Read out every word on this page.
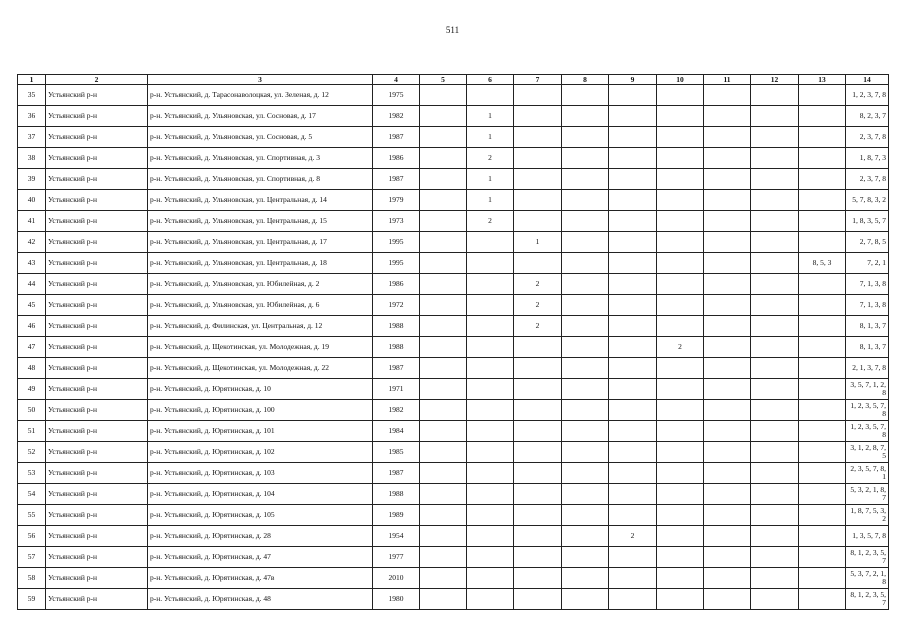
511
1	2	3	4	5	6	7	8	9	10	11	12	13	14
35	Устьянский р-н	р-н. Устьянский, д. Тарасонаволоцкая, ул. Зеленая, д. 12	1975										1, 2, 3, 7, 8
36	Устьянский р-н	р-н. Устьянский, д. Ульяновская, ул. Сосновая, д. 17	1982		1								8, 2, 3, 7
37	Устьянский р-н	р-н. Устьянский, д. Ульяновская, ул. Сосновая, д. 5	1987		1								2, 3, 7, 8
38	Устьянский р-н	р-н. Устьянский, д. Ульяновская, ул. Спортивная, д. 3	1986		2								1, 8, 7, 3
39	Устьянский р-н	р-н. Устьянский, д. Ульяновская, ул. Спортивная, д. 8	1987		1								2, 3, 7, 8
40	Устьянский р-н	р-н. Устьянский, д. Ульяновская, ул. Центральная, д. 14	1979		1								5, 7, 8, 3, 2
41	Устьянский р-н	р-н. Устьянский, д. Ульяновская, ул. Центральная, д. 15	1973		2								1, 8, 3, 5, 7
42	Устьянский р-н	р-н. Устьянский, д. Ульяновская, ул. Центральная, д. 17	1995			1							2, 7, 8, 5
43	Устьянский р-н	р-н. Устьянский, д. Ульяновская, ул. Центральная, д. 18	1995									8, 5, 3	7, 2, 1
44	Устьянский р-н	р-н. Устьянский, д. Ульяновская, ул. Юбилейная, д. 2	1986			2							7, 1, 3, 8
45	Устьянский р-н	р-н. Устьянский, д. Ульяновская, ул. Юбилейная, д. 6	1972			2							7, 1, 3, 8
46	Устьянский р-н	р-н. Устьянский, д. Филинская, ул. Центральная, д. 12	1988			2							8, 1, 3, 7
47	Устьянский р-н	р-н. Устьянский, д. Щекотинская, ул. Молодежная, д. 19	1988						2				8, 1, 3, 7
48	Устьянский р-н	р-н. Устьянский, д. Щекотинская, ул. Молодежная, д. 22	1987										2, 1, 3, 7, 8
49	Устьянский р-н	р-н. Устьянский, д. Юрятинская, д. 10	1971										3, 5, 7, 1, 2, 8
50	Устьянский р-н	р-н. Устьянский, д. Юрятинская, д. 100	1982										1, 2, 3, 5, 7, 8
51	Устьянский р-н	р-н. Устьянский, д. Юрятинская, д. 101	1984										1, 2, 3, 5, 7, 8
52	Устьянский р-н	р-н. Устьянский, д. Юрятинская, д. 102	1985										3, 1, 2, 8, 7, 5
53	Устьянский р-н	р-н. Устьянский, д. Юрятинская, д. 103	1987										2, 3, 5, 7, 8, 1
54	Устьянский р-н	р-н. Устьянский, д. Юрятинская, д. 104	1988										5, 3, 2, 1, 8, 7
55	Устьянский р-н	р-н. Устьянский, д. Юрятинская, д. 105	1989										1, 8, 7, 5, 3, 2
56	Устьянский р-н	р-н. Устьянский, д. Юрятинская, д. 28	1954					2					1, 3, 5, 7, 8
57	Устьянский р-н	р-н. Устьянский, д. Юрятинская, д. 47	1977										8, 1, 2, 3, 5, 7
58	Устьянский р-н	р-н. Устьянский, д. Юрятинская, д. 47в	2010										5, 3, 7, 2, 1, 8
59	Устьянский р-н	р-н. Устьянский, д. Юрятинская, д. 48	1980										8, 1, 2, 3, 5, 7
